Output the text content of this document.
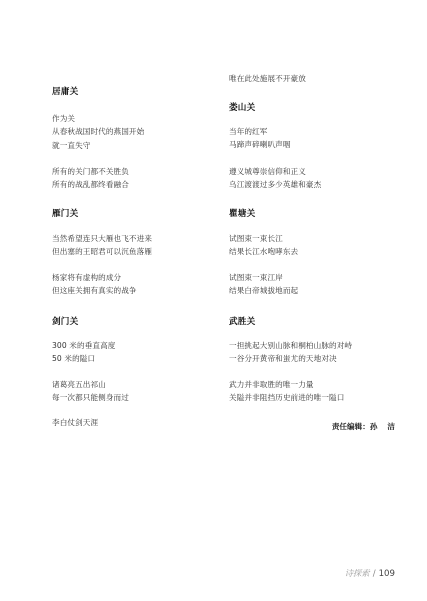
居庸关
作为关
从春秋战国时代的燕国开始
就一直失守
所有的关门都不关胜负
所有的战乱都终看融合
雁门关
当然希望连只大雁也飞不进来
但出塞的王昭君可以沉鱼落雁
杨家将有虚构的成分
但这座关拥有真实的战争
剑门关
300 米的垂直高度
50 米的隘口
诸葛亮五出祁山
每一次都只能侧身而过
李白仗剑天涯
唯在此处施展不开豪放
娄山关
当年的红军
马蹄声碎喇叭声咽
遵义城尊崇信仰和正义
乌江渡渡过多少英雄和豪杰
瞿塘关
试图束一束长江
结果长江水咆哮东去
试图束一束江岸
结果白帝城拔地而起
武胜关
一担挑起大别山脉和桐柏山脉的对峙
一谷分开黄帝和蚩尤的天地对决
武力并非取胜的唯一力量
关隘并非阻挡历史前进的唯一隘口
责任编辑：孙 洁
诗探索 / 109
